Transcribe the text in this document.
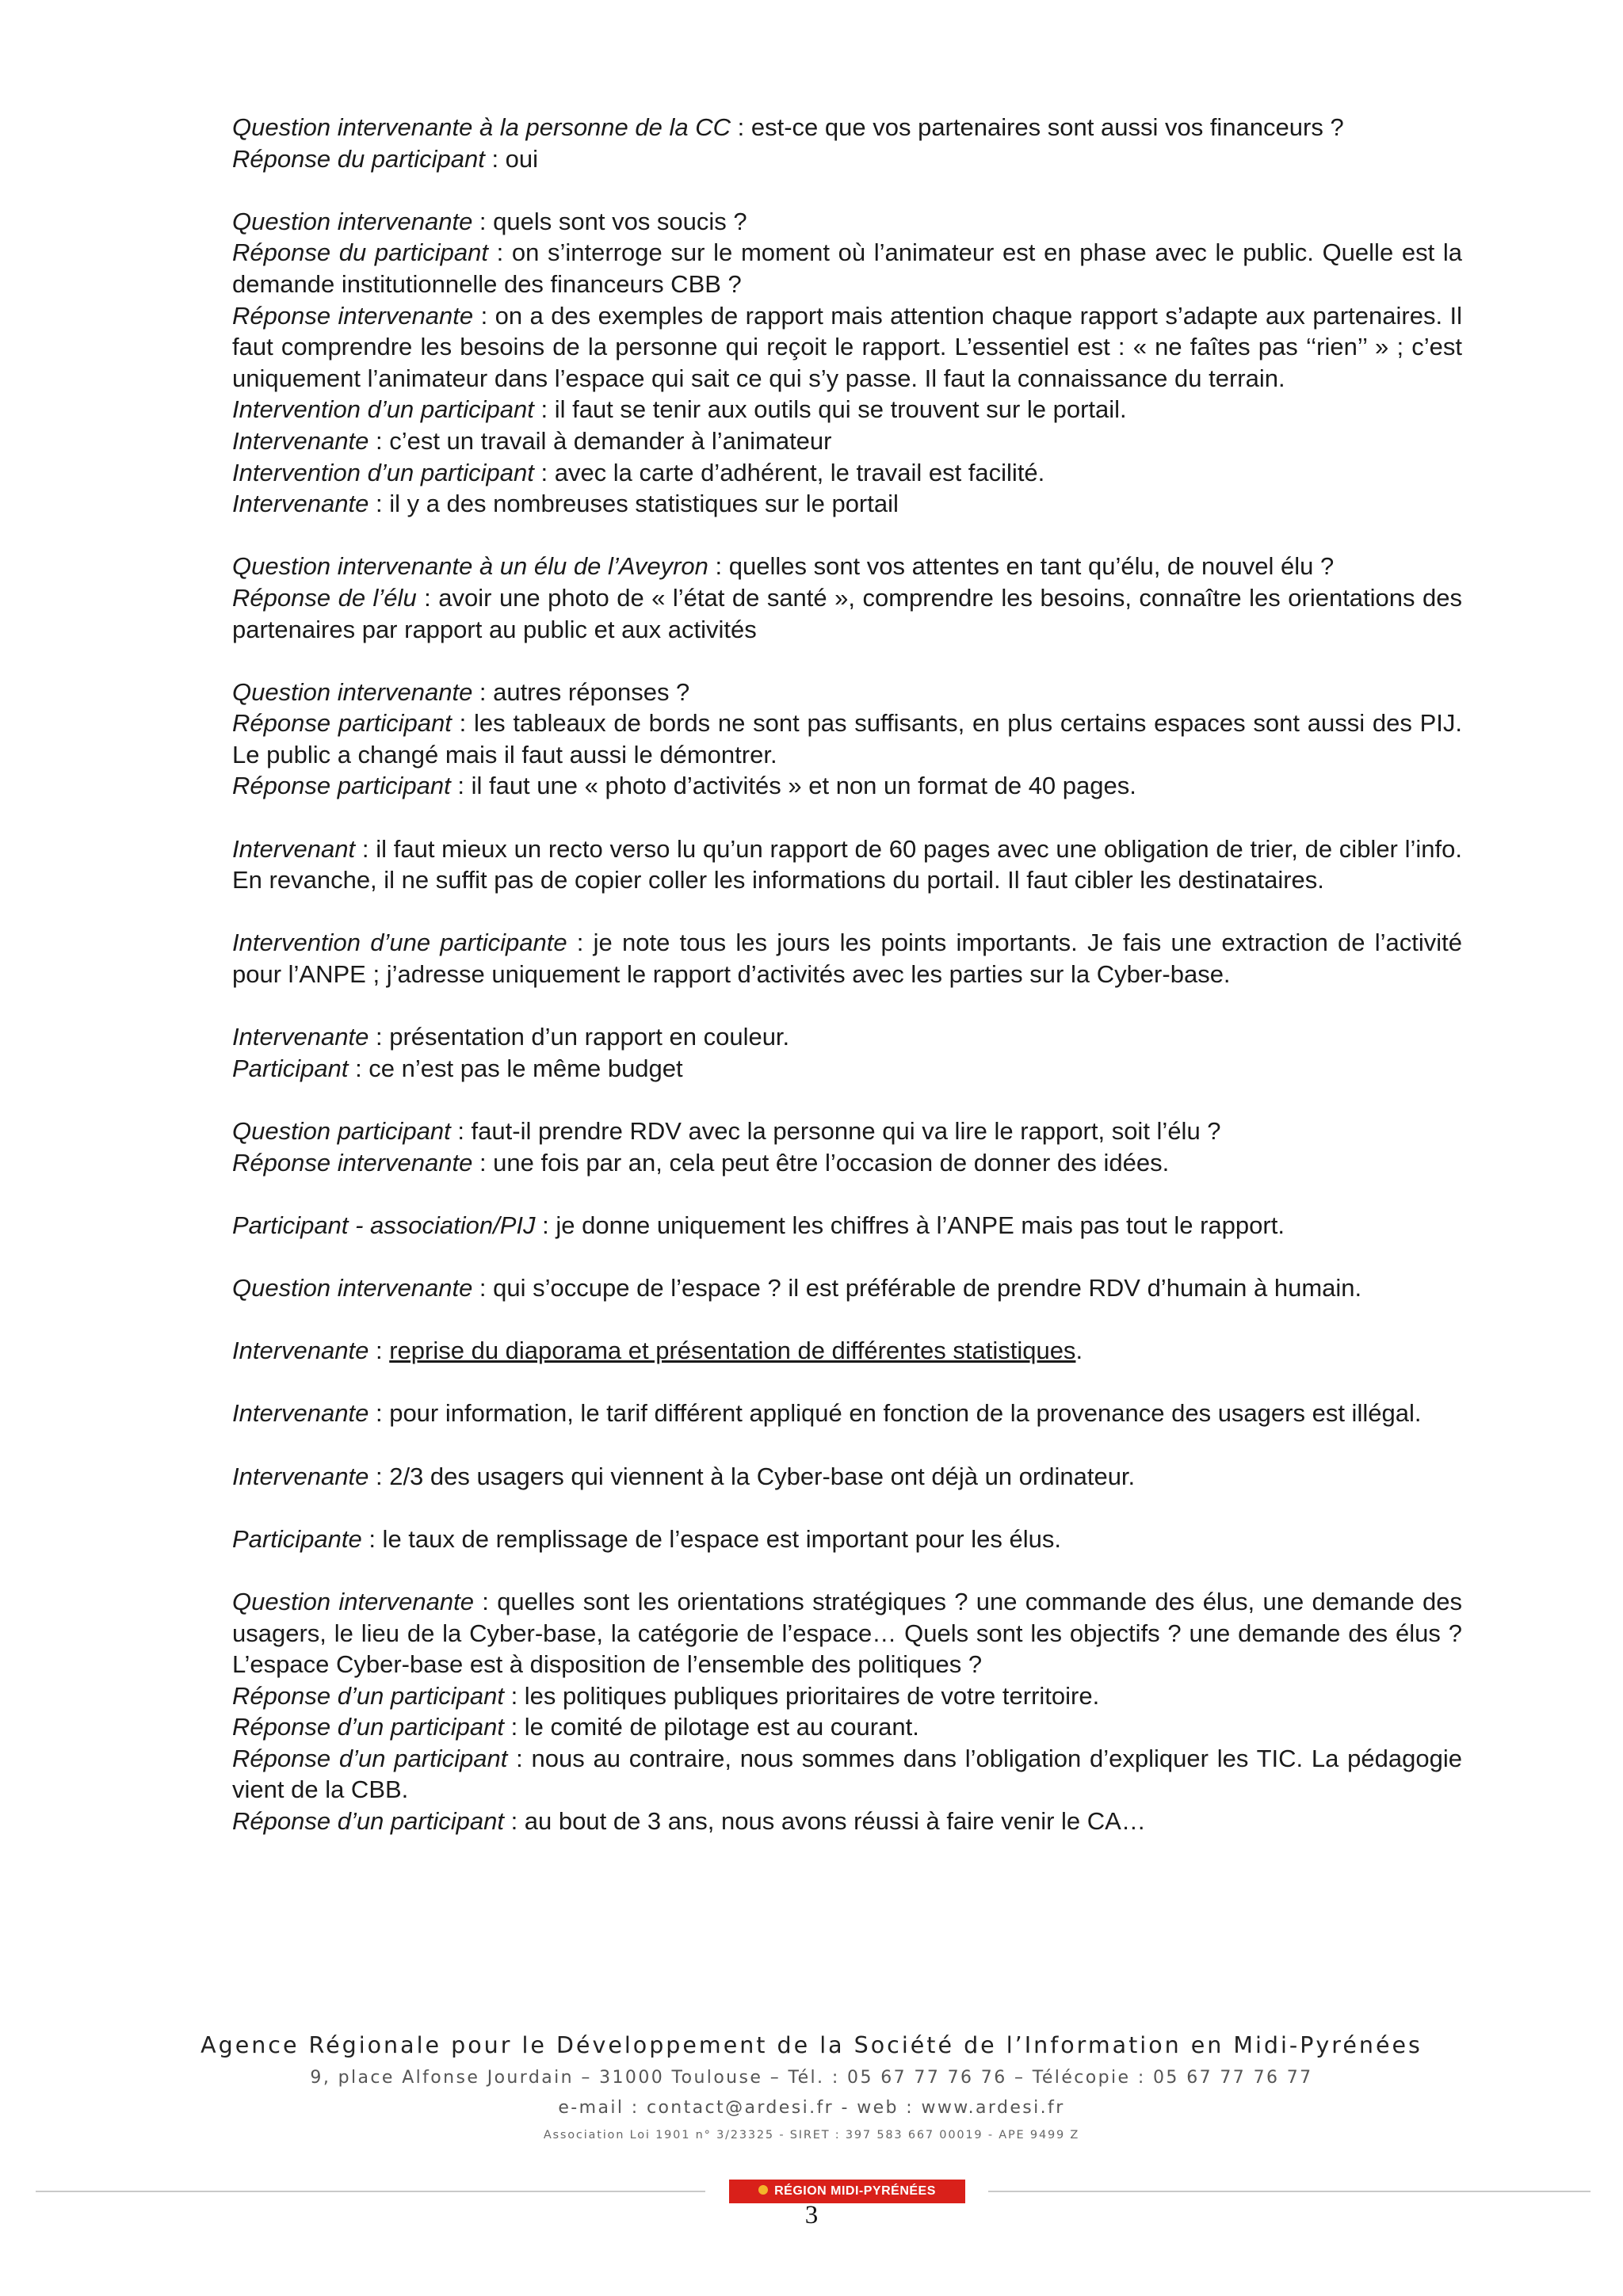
Question intervenante à la personne de la CC : est-ce que vos partenaires sont aussi vos financeurs ?

Réponse du participant : oui

Question intervenante : quels sont vos soucis ?

Réponse du participant : on s’interroge sur le moment où l’animateur est en phase avec le public. Quelle est la demande institutionnelle des financeurs CBB ?

Réponse intervenante : on a des exemples de rapport mais attention chaque rapport s’adapte aux partenaires. Il faut comprendre les besoins de la personne qui reçoit le rapport. L’essentiel est : « ne faîtes pas ‘‘rien’’ » ; c’est uniquement l’animateur dans l’espace qui sait ce qui s’y passe. Il faut la connaissance du terrain.

Intervention d’un participant : il faut se tenir aux outils qui se trouvent sur le portail.

Intervenante : c’est un travail à demander à l’animateur

Intervention d’un participant : avec la carte d’adhérent, le travail est facilité.

Intervenante : il y a des nombreuses statistiques sur le portail

Question intervenante à un élu de l’Aveyron : quelles sont vos attentes en tant qu’élu, de nouvel élu ?

Réponse de l’élu : avoir une photo de « l’état de santé », comprendre les besoins, connaître les orientations des partenaires par rapport au public et aux activités

Question intervenante : autres réponses ?

Réponse participant : les tableaux de bords ne sont pas suffisants, en plus certains espaces sont aussi des PIJ. Le public a changé mais il faut aussi le démontrer.

Réponse participant : il faut une « photo d’activités » et non un format de 40 pages.

Intervenant : il faut mieux un recto verso lu qu’un rapport de 60 pages avec une obligation de trier, de cibler l’info. En revanche, il ne suffit pas de copier coller les informations du portail. Il faut cibler les destinataires.

Intervention d’une participante : je note tous les jours les points importants. Je fais une extraction de l’activité pour l’ANPE ; j’adresse uniquement le rapport d’activités avec les parties sur la Cyber-base.

Intervenante : présentation d’un rapport en couleur.

Participant : ce n’est pas le même budget

Question participant : faut-il prendre RDV avec la personne qui va lire le rapport, soit l’élu ?

Réponse intervenante : une fois par an, cela peut être l’occasion de donner des idées.

Participant - association/PIJ : je donne uniquement les chiffres à l’ANPE mais pas tout le rapport.

Question intervenante : qui s’occupe de l’espace ? il est préférable de prendre RDV d’humain à humain.

Intervenante : reprise du diaporama et présentation de différentes statistiques.

Intervenante : pour information, le tarif différent appliqué en fonction de la provenance des usagers est illégal.

Intervenante : 2/3 des usagers qui viennent à la Cyber-base ont déjà un ordinateur.

Participante : le taux de remplissage de l’espace est important pour les élus.

Question intervenante : quelles sont les orientations stratégiques ? une commande des élus, une demande des usagers, le lieu de la Cyber-base, la catégorie de l’espace… Quels sont les objectifs ? une demande des élus ? L’espace Cyber-base est à disposition de l’ensemble des politiques ?

Réponse d’un participant : les politiques publiques prioritaires de votre territoire.

Réponse d’un participant : le comité de pilotage est au courant.

Réponse d’un participant : nous au contraire, nous sommes dans l’obligation d’expliquer les TIC. La pédagogie vient de la CBB.

Réponse d’un participant : au bout de 3 ans, nous avons réussi à faire venir le CA…

Agence Régionale pour le Développement de la Société de l’Information en Midi-Pyrénées
9, place Alfonse Jourdain – 31000 Toulouse – Tél. : 05 67 77 76 76 – Télécopie : 05 67 77 76 77
e-mail : contact@ardesi.fr - web : www.ardesi.fr
Association Loi 1901 n° 3/23325 - SIRET : 397 583 667 00019 - APE 9499 Z
RÉGION MIDI-PYRÉNÉES
3
